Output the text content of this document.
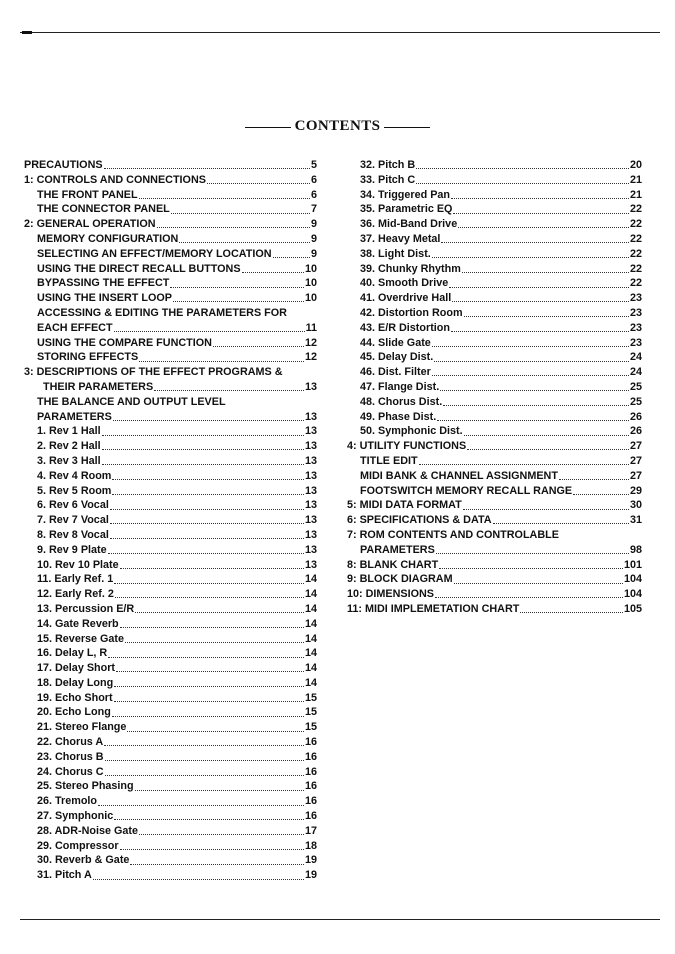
CONTENTS
PRECAUTIONS	5
1: CONTROLS AND CONNECTIONS	6
THE FRONT PANEL	6
THE CONNECTOR PANEL	7
2: GENERAL OPERATION	9
MEMORY CONFIGURATION	9
SELECTING AN EFFECT/MEMORY LOCATION	9
USING THE DIRECT RECALL BUTTONS	10
BYPASSING THE EFFECT	10
USING THE INSERT LOOP	10
ACCESSING & EDITING THE PARAMETERS FOR
EACH EFFECT	11
USING THE COMPARE FUNCTION	12
STORING EFFECTS	12
3: DESCRIPTIONS OF THE EFFECT PROGRAMS &
THEIR PARAMETERS	13
THE BALANCE AND OUTPUT LEVEL
PARAMETERS	13
1. Rev 1 Hall	13
2. Rev 2 Hall	13
3. Rev 3 Hall	13
4. Rev 4 Room	13
5. Rev 5 Room	13
6. Rev 6 Vocal	13
7. Rev 7 Vocal	13
8. Rev 8 Vocal	13
9. Rev 9 Plate	13
10. Rev 10 Plate	13
11. Early Ref. 1	14
12. Early Ref. 2	14
13. Percussion E/R	14
14. Gate Reverb	14
15. Reverse Gate	14
16. Delay L, R	14
17. Delay Short	14
18. Delay Long	14
19. Echo Short	15
20. Echo Long	15
21. Stereo Flange	15
22. Chorus A	16
23. Chorus B	16
24. Chorus C	16
25. Stereo Phasing	16
26. Tremolo	16
27. Symphonic	16
28. ADR-Noise Gate	17
29. Compressor	18
30. Reverb & Gate	19
31. Pitch A	19
32. Pitch B	20
33. Pitch C	21
34. Triggered Pan	21
35. Parametric EQ	22
36. Mid-Band Drive	22
37. Heavy Metal	22
38. Light Dist.	22
39. Chunky Rhythm	22
40. Smooth Drive	22
41. Overdrive Hall	23
42. Distortion Room	23
43. E/R Distortion	23
44. Slide Gate	23
45. Delay Dist.	24
46. Dist. Filter	24
47. Flange Dist.	25
48. Chorus Dist.	25
49. Phase Dist.	26
50. Symphonic Dist.	26
4: UTILITY FUNCTIONS	27
TITLE EDIT	27
MIDI BANK & CHANNEL ASSIGNMENT	27
FOOTSWITCH MEMORY RECALL RANGE	29
5: MIDI DATA FORMAT	30
6: SPECIFICATIONS & DATA	31
7: ROM CONTENTS AND CONTROLABLE
PARAMETERS	98
8: BLANK CHART	101
9: BLOCK DIAGRAM	104
10: DIMENSIONS	104
11: MIDI IMPLEMETATION CHART	105
